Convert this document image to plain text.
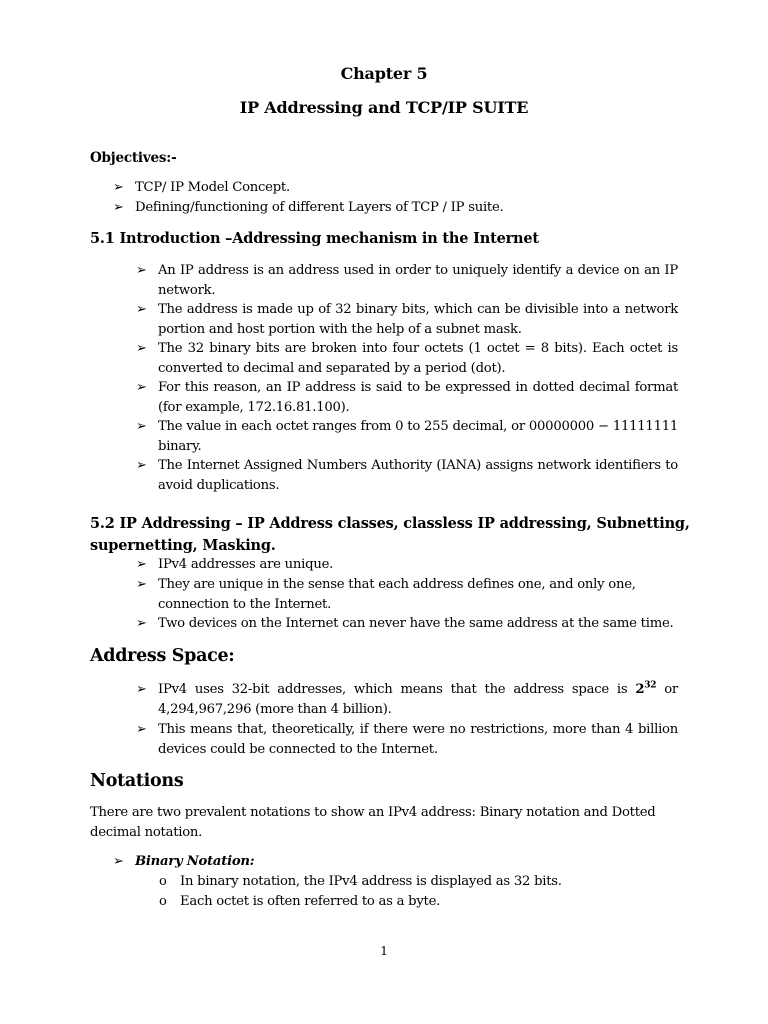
Chapter 5
IP Addressing and TCP/IP SUITE
Objectives:-
➢ TCP/ IP Model Concept.
➢ Defining/functioning of different Layers of TCP / IP suite.
5.1 Introduction –Addressing mechanism in the Internet
➢ An IP address is an address used in order to uniquely identify a device on an IP network.
➢ The address is made up of 32 binary bits, which can be divisible into a network portion and host portion with the help of a subnet mask.
➢ The 32 binary bits are broken into four octets (1 octet = 8 bits). Each octet is converted to decimal and separated by a period (dot).
➢ For this reason, an IP address is said to be expressed in dotted decimal format (for example, 172.16.81.100).
➢ The value in each octet ranges from 0 to 255 decimal, or 00000000 − 11111111 binary.
➢ The Internet Assigned Numbers Authority (IANA) assigns network identifiers to avoid duplications.
5.2 IP Addressing – IP Address classes, classless IP addressing, Subnetting,
supernetting, Masking.
➢ IPv4 addresses are unique.
➢ They are unique in the sense that each address defines one, and only one, connection to the Internet.
➢ Two devices on the Internet can never have the same address at the same time.
Address Space:
➢ IPv4 uses 32-bit addresses, which means that the address space is $2^{32}$ or 4,294,967,296 (more than 4 billion).
➢ This means that, theoretically, if there were no restrictions, more than 4 billion devices could be connected to the Internet.
Notations
There are two prevalent notations to show an IPv4 address: Binary notation and Dotted decimal notation.
➢ Binary Notation:
o In binary notation, the IPv4 address is displayed as 32 bits.
o Each octet is often referred to as a byte.
1
